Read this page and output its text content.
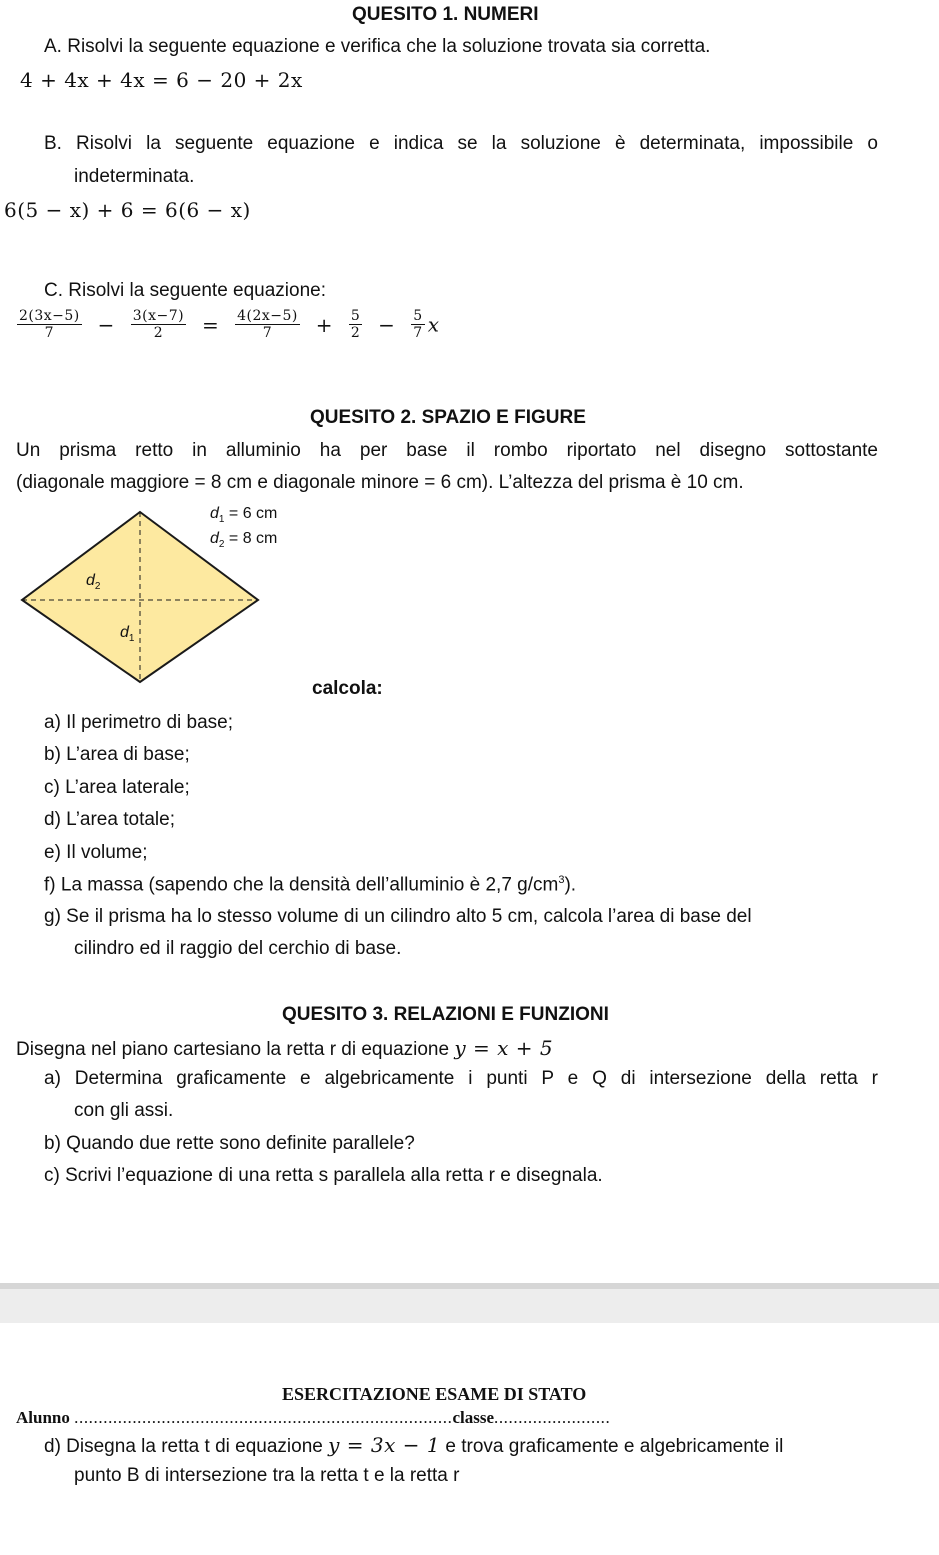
QUESITO 1. NUMERI
A. Risolvi la seguente equazione e verifica che la soluzione trovata sia corretta.
4 + 4x + 4x = 6 − 20 + 2x
B. Risolvi la seguente equazione e indica se la soluzione è determinata, impossibile o
indeterminata.
6(5 − x) + 6 = 6(6 − x)
C. Risolvi la seguente equazione:
$\frac{2(3x-5)}{7} - \frac{3(x-7)}{2} = \frac{4(2x-5)}{7} + \frac{5}{2} - \frac{5}{7}$ x
QUESITO 2. SPAZIO E FIGURE
Un prisma retto in alluminio ha per base il rombo riportato nel disegno sottostante
(diagonale maggiore = 8 cm e diagonale minore = 6 cm). L’altezza del prisma è 10 cm.
$d_1 = 6$ cm
$d_2 = 8$ cm
$d_2$
$d_1$
calcola:
a) Il perimetro di base;
b) L’area di base;
c) L’area laterale;
d) L’area totale;
e) Il volume;
f) La massa (sapendo che la densità dell’alluminio è 2,7 $g/cm^3$).
g) Se il prisma ha lo stesso volume di un cilindro alto 5 cm, calcola l’area di base del
cilindro ed il raggio del cerchio di base.
QUESITO 3. RELAZIONI E FUNZIONI
Disegna nel piano cartesiano la retta r di equazione y = x + 5
a) Determina graficamente e algebricamente i punti P e Q di intersezione della retta r
con gli assi.
b) Quando due rette sono definite parallele?
c) Scrivi l’equazione di una retta s parallela alla retta r e disegnala.
ESERCITAZIONE ESAME DI STATO
Alunno ..............................................................................classe........................
d) Disegna la retta t di equazione y = 3x − 1 e trova graficamente e algebricamente il
punto B di intersezione tra la retta t e la retta r
